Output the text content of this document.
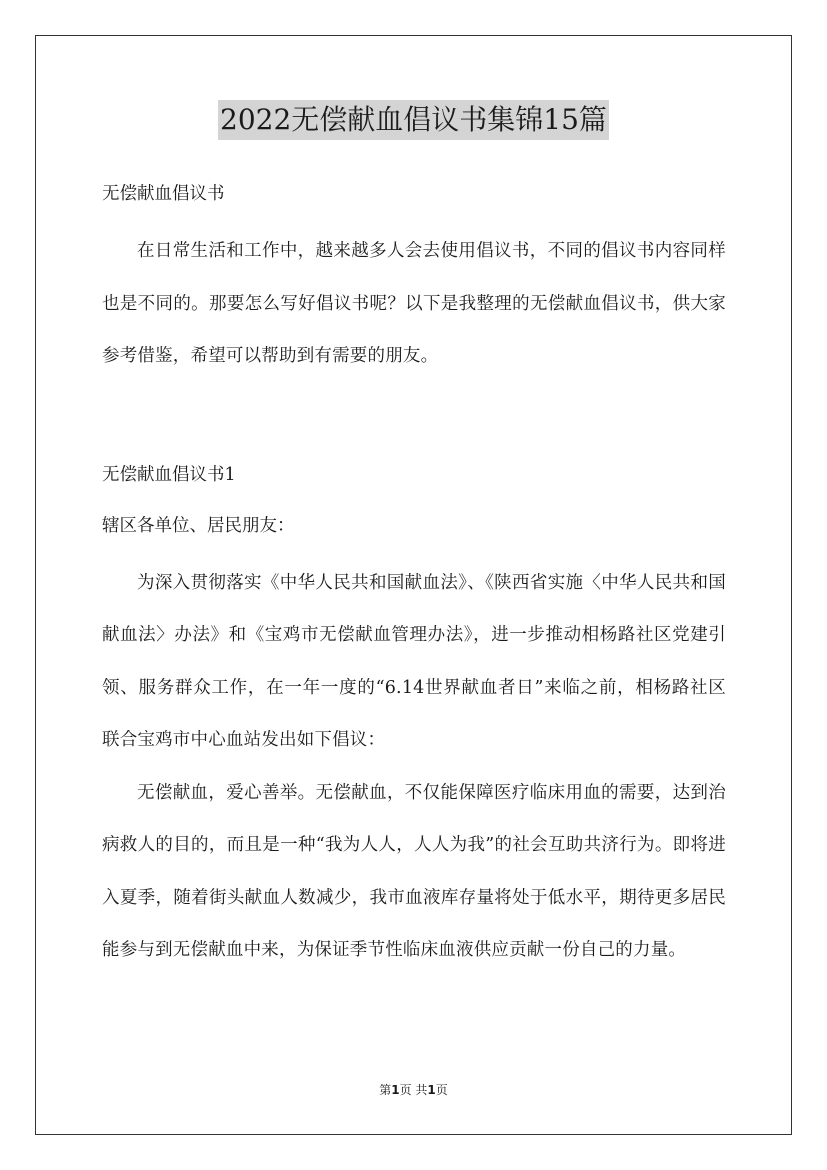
2022无偿献血倡议书集锦15篇
无偿献血倡议书

在日常生活和工作中，越来越多人会去使用倡议书，不同的倡议书内容同样也是不同的。那要怎么写好倡议书呢？以下是我整理的无偿献血倡议书，供大家参考借鉴，希望可以帮助到有需要的朋友。

无偿献血倡议书1
辖区各单位、居民朋友：

为深入贯彻落实《中华人民共和国献血法》、《陕西省实施〈中华人民共和国献血法〉办法》和《宝鸡市无偿献血管理办法》，进一步推动相杨路社区党建引领、服务群众工作，在一年一度的“6.14世界献血者日”来临之前，相杨路社区联合宝鸡市中心血站发出如下倡议：

无偿献血，爱心善举。无偿献血，不仅能保障医疗临床用血的需要，达到治病救人的目的，而且是一种“我为人人，人人为我”的社会互助共济行为。即将进入夏季，随着街头献血人数减少，我市血液库存量将处于低水平，期待更多居民能参与到无偿献血中来，为保证季节性临床血液供应贡献一份自己的力量。

第1页 共1页
